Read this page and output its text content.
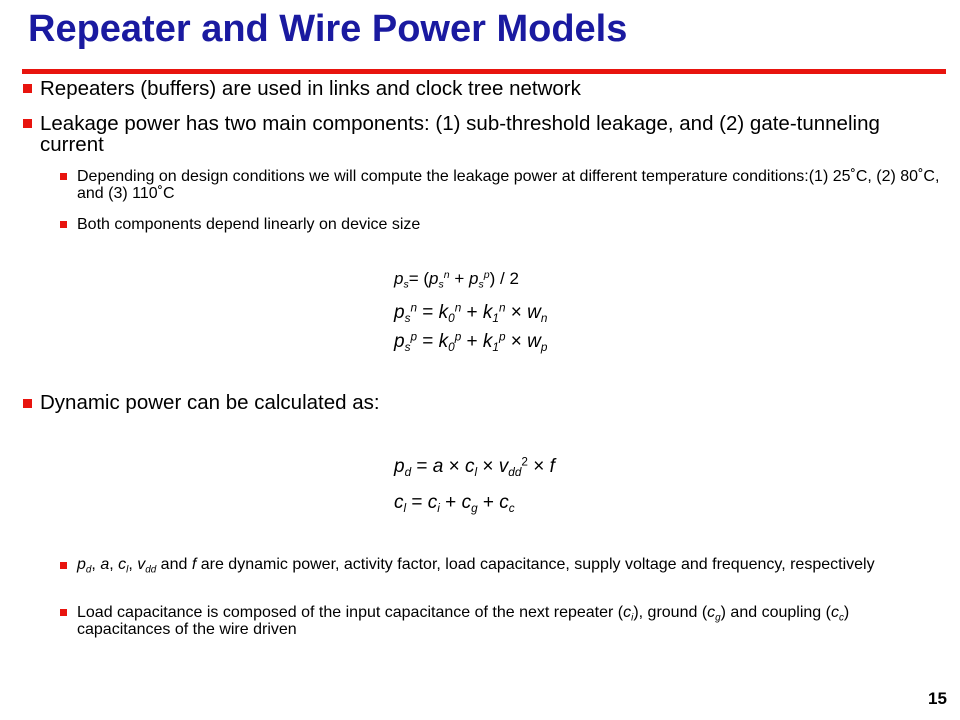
Repeater and Wire Power Models
Repeaters (buffers) are used in links and clock tree network
Leakage power has two main components: (1) sub-threshold leakage, and (2) gate-tunneling current
Depending on design conditions we will compute the leakage power at different temperature conditions:(1) 25˚C, (2) 80˚C, and (3) 110˚C
Both components depend linearly on device size
$p_s= (p_s^n + p_s^p) / 2$
$p_s^n = k_0^n + k_1^n \times w_n$
$p_s^p = k_0^p + k_1^p \times w_p$
Dynamic power can be calculated as:
$p_d = a \times c_l \times v_{dd}^2 \times f$
$c_l = c_i + c_g + c_c$
$p_d$, a, $c_l$, $v_{dd}$ and f are dynamic power, activity factor, load capacitance, supply voltage and frequency, respectively
Load capacitance is composed of the input capacitance of the next repeater $(c_i)$, ground $(c_g)$ and coupling $(c_c)$ capacitances of the wire driven
15
